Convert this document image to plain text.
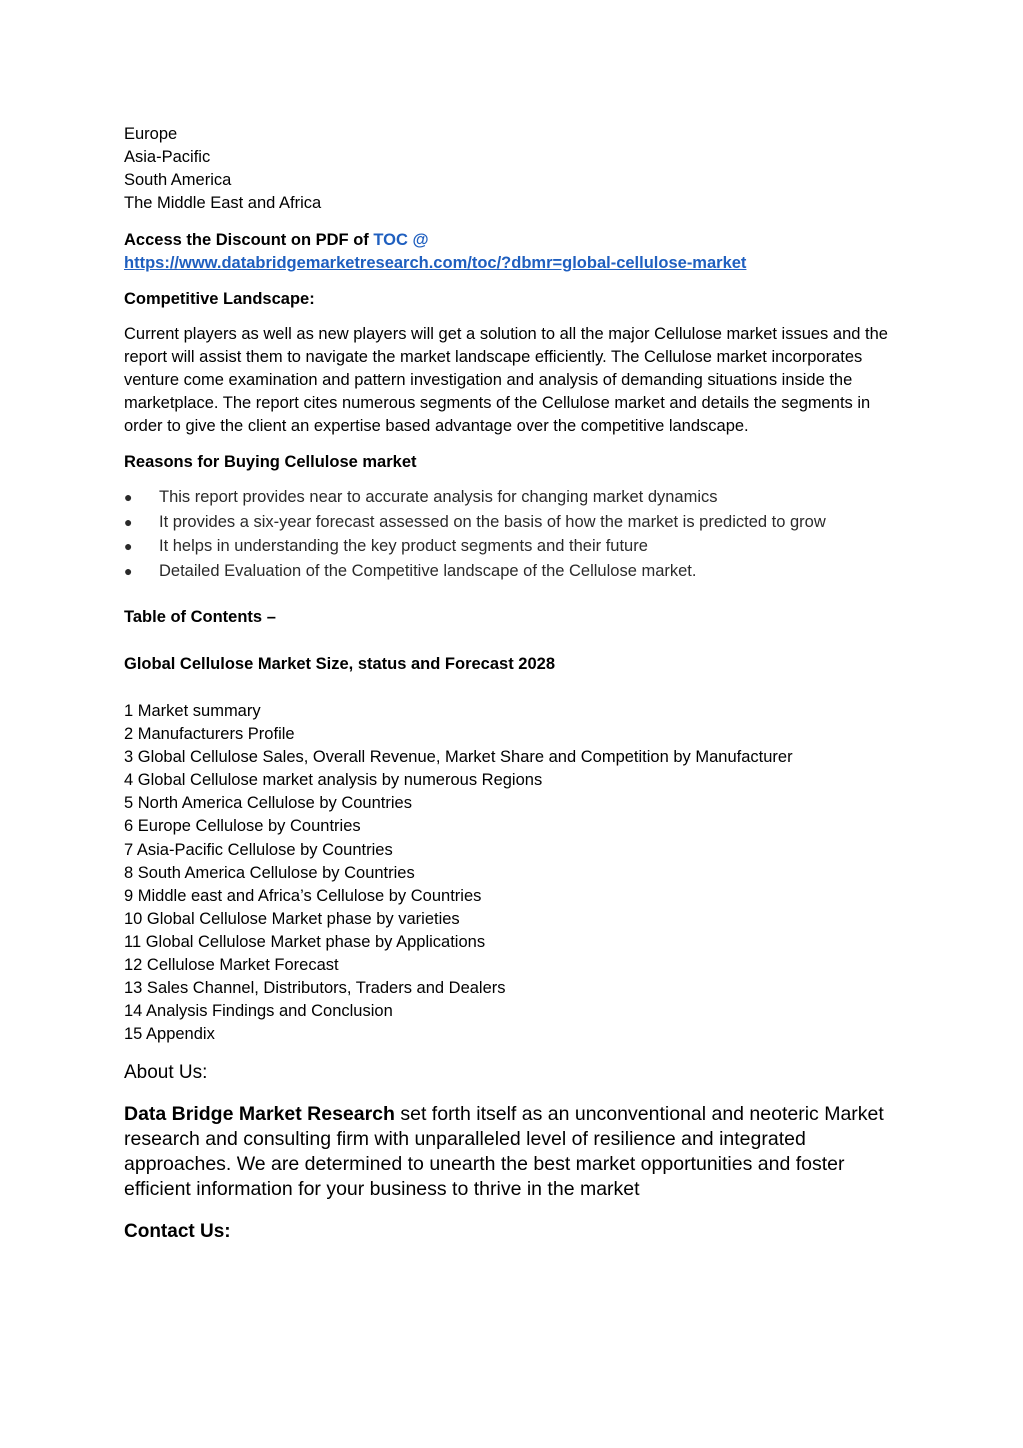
Europe
Asia-Pacific
South America
The Middle East and Africa
Access the Discount on PDF of TOC @
https://www.databridgemarketresearch.com/toc/?dbmr=global-cellulose-market
Competitive Landscape:
Current players as well as new players will get a solution to all the major Cellulose market issues and the report will assist them to navigate the market landscape efficiently. The Cellulose market incorporates venture come examination and pattern investigation and analysis of demanding situations inside the marketplace. The report cites numerous segments of the Cellulose market and details the segments in order to give the client an expertise based advantage over the competitive landscape.
Reasons for Buying Cellulose market
● This report provides near to accurate analysis for changing market dynamics
● It provides a six-year forecast assessed on the basis of how the market is predicted to grow
● It helps in understanding the key product segments and their future
● Detailed Evaluation of the Competitive landscape of the Cellulose market.
Table of Contents –
Global Cellulose Market Size, status and Forecast 2028
1 Market summary
2 Manufacturers Profile
3 Global Cellulose Sales, Overall Revenue, Market Share and Competition by Manufacturer
4 Global Cellulose market analysis by numerous Regions
5 North America Cellulose by Countries
6 Europe Cellulose by Countries
7 Asia-Pacific Cellulose by Countries
8 South America Cellulose by Countries
9 Middle east and Africa’s Cellulose by Countries
10 Global Cellulose Market phase by varieties
11 Global Cellulose Market phase by Applications
12 Cellulose Market Forecast
13 Sales Channel, Distributors, Traders and Dealers
14 Analysis Findings and Conclusion
15 Appendix
About Us:
Data Bridge Market Research set forth itself as an unconventional and neoteric Market research and consulting firm with unparalleled level of resilience and integrated approaches. We are determined to unearth the best market opportunities and foster efficient information for your business to thrive in the market
Contact Us:
